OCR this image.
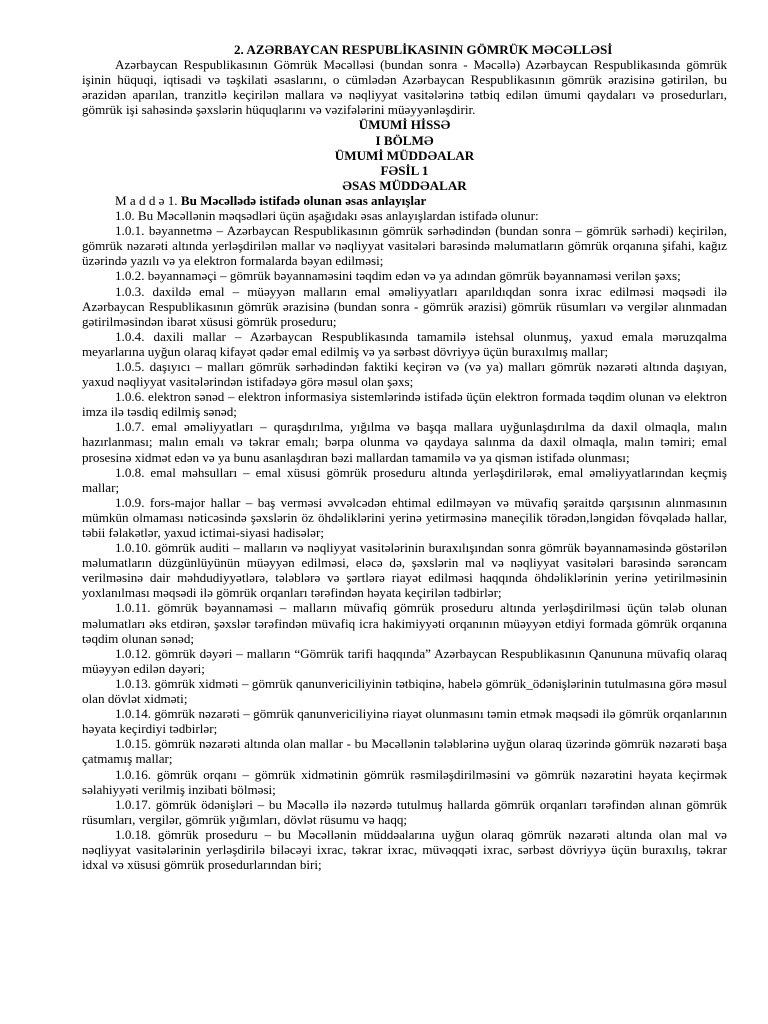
2. AZƏRBAYCAN RESPUBLİKASININ GÖMRÜK MƏCƏLLƏSİ

Azərbaycan Respublikasının Gömrük Məcəlləsi (bundan sonra - Məcəllə) Azərbaycan Respublikasında gömrük işinin hüquqi, iqtisadi və təşkilati əsaslarını, o cümlədən Azərbaycan Respublikasının gömrük ərazisinə gətirilən, bu ərazidən aparılan, tranzitlə keçirilən mallara və nəqliyyat vasitələrinə tətbiq edilən ümumi qaydaları və prosedurları, gömrük işi sahəsində şəxslərin hüquqlarını və vəzifələrini müəyyənləşdirir.

ÜMUMİ HİSSƏ

I BÖLMƏ

ÜMUMİ MÜDDƏALAR

FƏSİL 1

ƏSAS MÜDDƏALAR

M a d d ə 1. Bu Məcəllədə istifadə olunan əsas anlayışlar

1.0. Bu Məcəllənin məqsədləri üçün aşağıdakı əsas anlayışlardan istifadə olunur:

1.0.1. bəyannetmə – Azərbaycan Respublikasının gömrük sərhədindən (bundan sonra – gömrük sərhədi) keçirilən, gömrük nəzarəti altında yerləşdirilən mallar və nəqliyyat vasitələri barəsində məlumatların gömrük orqanına şifahi, kağız üzərində yazılı və ya elektron formalarda bəyan edilməsi;

1.0.2. bəyannaməçi – gömrük bəyannaməsini təqdim edən və ya adından gömrük bəyannaməsi verilən şəxs;

1.0.3. daxildə emal – müəyyən malların emal əməliyyatları aparıldıqdan sonra ixrac edilməsi məqsədi ilə Azərbaycan Respublikasının gömrük ərazisinə (bundan sonra - gömrük ərazisi) gömrük rüsumları və vergilər alınmadan gətirilməsindən ibarət xüsusi gömrük proseduru;

1.0.4. daxili mallar – Azərbaycan Respublikasında tamamilə istehsal olunmuş, yaxud emala məruzqalma meyarlarına uyğun olaraq kifayət qədər emal edilmiş və ya sərbəst dövriyyə üçün buraxılmış mallar;

1.0.5. daşıyıcı – malları gömrük sərhədindən faktiki keçirən və (və ya) malları gömrük nəzarəti altında daşıyan, yaxud nəqliyyat vasitələrindən istifadəyə görə məsul olan şəxs;

1.0.6. elektron sənəd – elektron informasiya sistemlərində istifadə üçün elektron formada təqdim olunan və elektron imza ilə təsdiq edilmiş sənəd;

1.0.7. emal əməliyyatları – quraşdırılma, yığılma və başqa mallara uyğunlaşdırılma da daxil olmaqla, malın hazırlanması; malın emalı və təkrar emalı; bərpa olunma və qaydaya salınma da daxil olmaqla, malın təmiri; emal prosesinə xidmət edən və ya bunu asanlaşdıran bəzi mallardan tamamilə və ya qismən istifadə olunması;

1.0.8. emal məhsulları – emal xüsusi gömrük proseduru altında yerləşdirilərək, emal əməliyyatlarından keçmiş mallar;

1.0.9. fors-major hallar – baş verməsi əvvəlcədən ehtimal edilməyən və müvafiq şəraitdə qarşısının alınmasının mümkün olmaması nəticəsində şəxslərin öz öhdəliklərini yerinə yetirməsinə maneçilik törədən,ləngidən fövqəladə hallar, təbii fəlakətlər, yaxud ictimai-siyasi hadisələr;

1.0.10. gömrük auditi – malların və nəqliyyat vasitələrinin buraxılışından sonra gömrük bəyannaməsində göstərilən məlumatların düzgünlüyünün müəyyən edilməsi, eləcə də, şəxslərin mal və nəqliyyat vasitələri barəsində sərəncam verilməsinə dair məhdudiyyətlərə, tələblərə və şərtlərə riayət edilməsi haqqında öhdəliklərinin yerinə yetirilməsinin yoxlanılması məqsədi ilə gömrük orqanları tərəfindən həyata keçirilən tədbirlər;

1.0.11. gömrük bəyannaməsi – malların müvafiq gömrük proseduru altında yerləşdirilməsi üçün tələb olunan məlumatları əks etdirən, şəxslər tərəfindən müvafiq icra hakimiyyəti orqanının müəyyən etdiyi formada gömrük orqanına təqdim olunan sənəd;

1.0.12. gömrük dəyəri – malların “Gömrük tarifi haqqında” Azərbaycan Respublikasının Qanununa müvafiq olaraq müəyyən edilən dəyəri;

1.0.13. gömrük xidməti – gömrük qanunvericiliyinin tətbiqinə, habelə gömrük_ödənişlərinin tutulmasına görə məsul olan dövlət xidməti;

1.0.14. gömrük nəzarəti – gömrük qanunvericiliyinə riayət olunmasını təmin etmək məqsədi ilə gömrük orqanlarının həyata keçirdiyi tədbirlər;

1.0.15. gömrük nəzarəti altında olan mallar - bu Məcəllənin tələblərinə uyğun olaraq üzərində gömrük nəzarəti başa çatmamış mallar;

1.0.16. gömrük orqanı – gömrük xidmətinin gömrük rəsmiləşdirilməsini və gömrük nəzarətini həyata keçirmək səlahiyyəti verilmiş inzibati bölməsi;

1.0.17. gömrük ödənişləri – bu Məcəllə ilə nəzərdə tutulmuş hallarda gömrük orqanları tərəfindən alınan gömrük rüsumları, vergilər, gömrük yığımları, dövlət rüsumu və haqq;

1.0.18. gömrük proseduru – bu Məcəllənin müddəalarına uyğun olaraq gömrük nəzarəti altında olan mal və nəqliyyat vasitələrinin yerləşdirilə biləcəyi ixrac, təkrar ixrac, müvəqqəti ixrac, sərbəst dövriyyə üçün buraxılış, təkrar idxal və xüsusi gömrük prosedurlarından biri;
